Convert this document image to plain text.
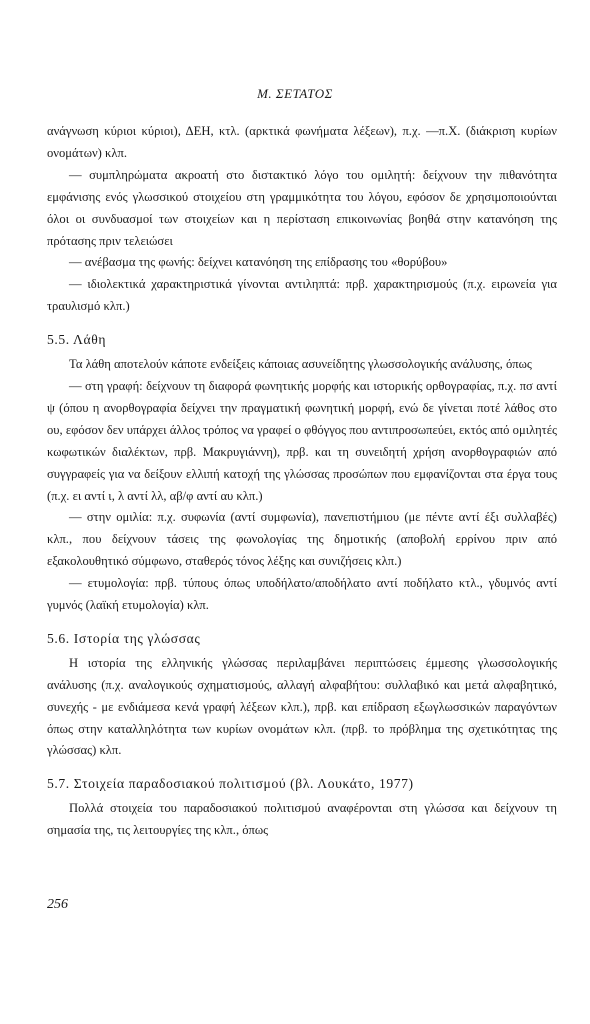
Μ. ΣΕΤΑΤΟΣ

ανάγνωση κύριοι κύριοι), ΔΕΗ, κτλ. (αρκτικά φωνήματα λέξεων), π.χ. —π.Χ. (διάκριση κυρίων ονομάτων) κλπ.

— συμπληρώματα ακροατή στο διστακτικό λόγο του ομιλητή: δείχνουν την πιθανότητα εμφάνισης ενός γλωσσικού στοιχείου στη γραμμικότητα του λόγου, εφόσον δε χρησιμοποιούνται όλοι οι συνδυασμοί των στοιχείων και η περίσταση επικοινωνίας βοηθά στην κατανόηση της πρότασης πριν τελειώσει

— ανέβασμα της φωνής: δείχνει κατανόηση της επίδρασης του «θορύβου»

— ιδιολεκτικά χαρακτηριστικά γίνονται αντιληπτά: πρβ. χαρακτηρισμούς (π.χ. ειρωνεία για τραυλισμό κλπ.)

5.5. Λάθη

Τα λάθη αποτελούν κάποτε ενδείξεις κάποιας ασυνείδητης γλωσσολογικής ανάλυσης, όπως

— στη γραφή: δείχνουν τη διαφορά φωνητικής μορφής και ιστορικής ορθογραφίας, π.χ. πσ αντί ψ (όπου η ανορθογραφία δείχνει την πραγματική φωνητική μορφή, ενώ δε γίνεται ποτέ λάθος στο ου, εφόσον δεν υπάρχει άλλος τρόπος να γραφεί ο φθόγγος που αντιπροσωπεύει, εκτός από ομιλητές κωφωτικών διαλέκτων, πρβ. Μακρυγιάννη), πρβ. και τη συνειδητή χρήση ανορθογραφιών από συγγραφείς για να δείξουν ελλιπή κατοχή της γλώσσας προσώπων που εμφανίζονται στα έργα τους (π.χ. ει αντί ι, λ αντί λλ, αβ/φ αντί αυ κλπ.)

— στην ομιλία: π.χ. συφωνία (αντί συμφωνία), πανεπιστήμιου (με πέντε αντί έξι συλλαβές) κλπ., που δείχνουν τάσεις της φωνολογίας της δημοτικής (αποβολή ερρίνου πριν από εξακολουθητικό σύμφωνο, σταθερός τόνος λέξης και συνιζήσεις κλπ.)

— ετυμολογία: πρβ. τύπους όπως υποδήλατο/αποδήλατο αντί ποδήλατο κτλ., γδυμνός αντί γυμνός (λαϊκή ετυμολογία) κλπ.

5.6. Ιστορία της γλώσσας

Η ιστορία της ελληνικής γλώσσας περιλαμβάνει περιπτώσεις έμμεσης γλωσσολογικής ανάλυσης (π.χ. αναλογικούς σχηματισμούς, αλλαγή αλφαβήτου: συλλαβικό και μετά αλφαβητικό, συνεχής - με ενδιάμεσα κενά γραφή λέξεων κλπ.), πρβ. και επίδραση εξωγλωσσικών παραγόντων όπως στην καταλληλότητα των κυρίων ονομάτων κλπ. (πρβ. το πρόβλημα της σχετικότητας της γλώσσας) κλπ.

5.7. Στοιχεία παραδοσιακού πολιτισμού (βλ. Λουκάτο, 1977)

Πολλά στοιχεία του παραδοσιακού πολιτισμού αναφέρονται στη γλώσσα και δείχνουν τη σημασία της, τις λειτουργίες της κλπ., όπως

256
